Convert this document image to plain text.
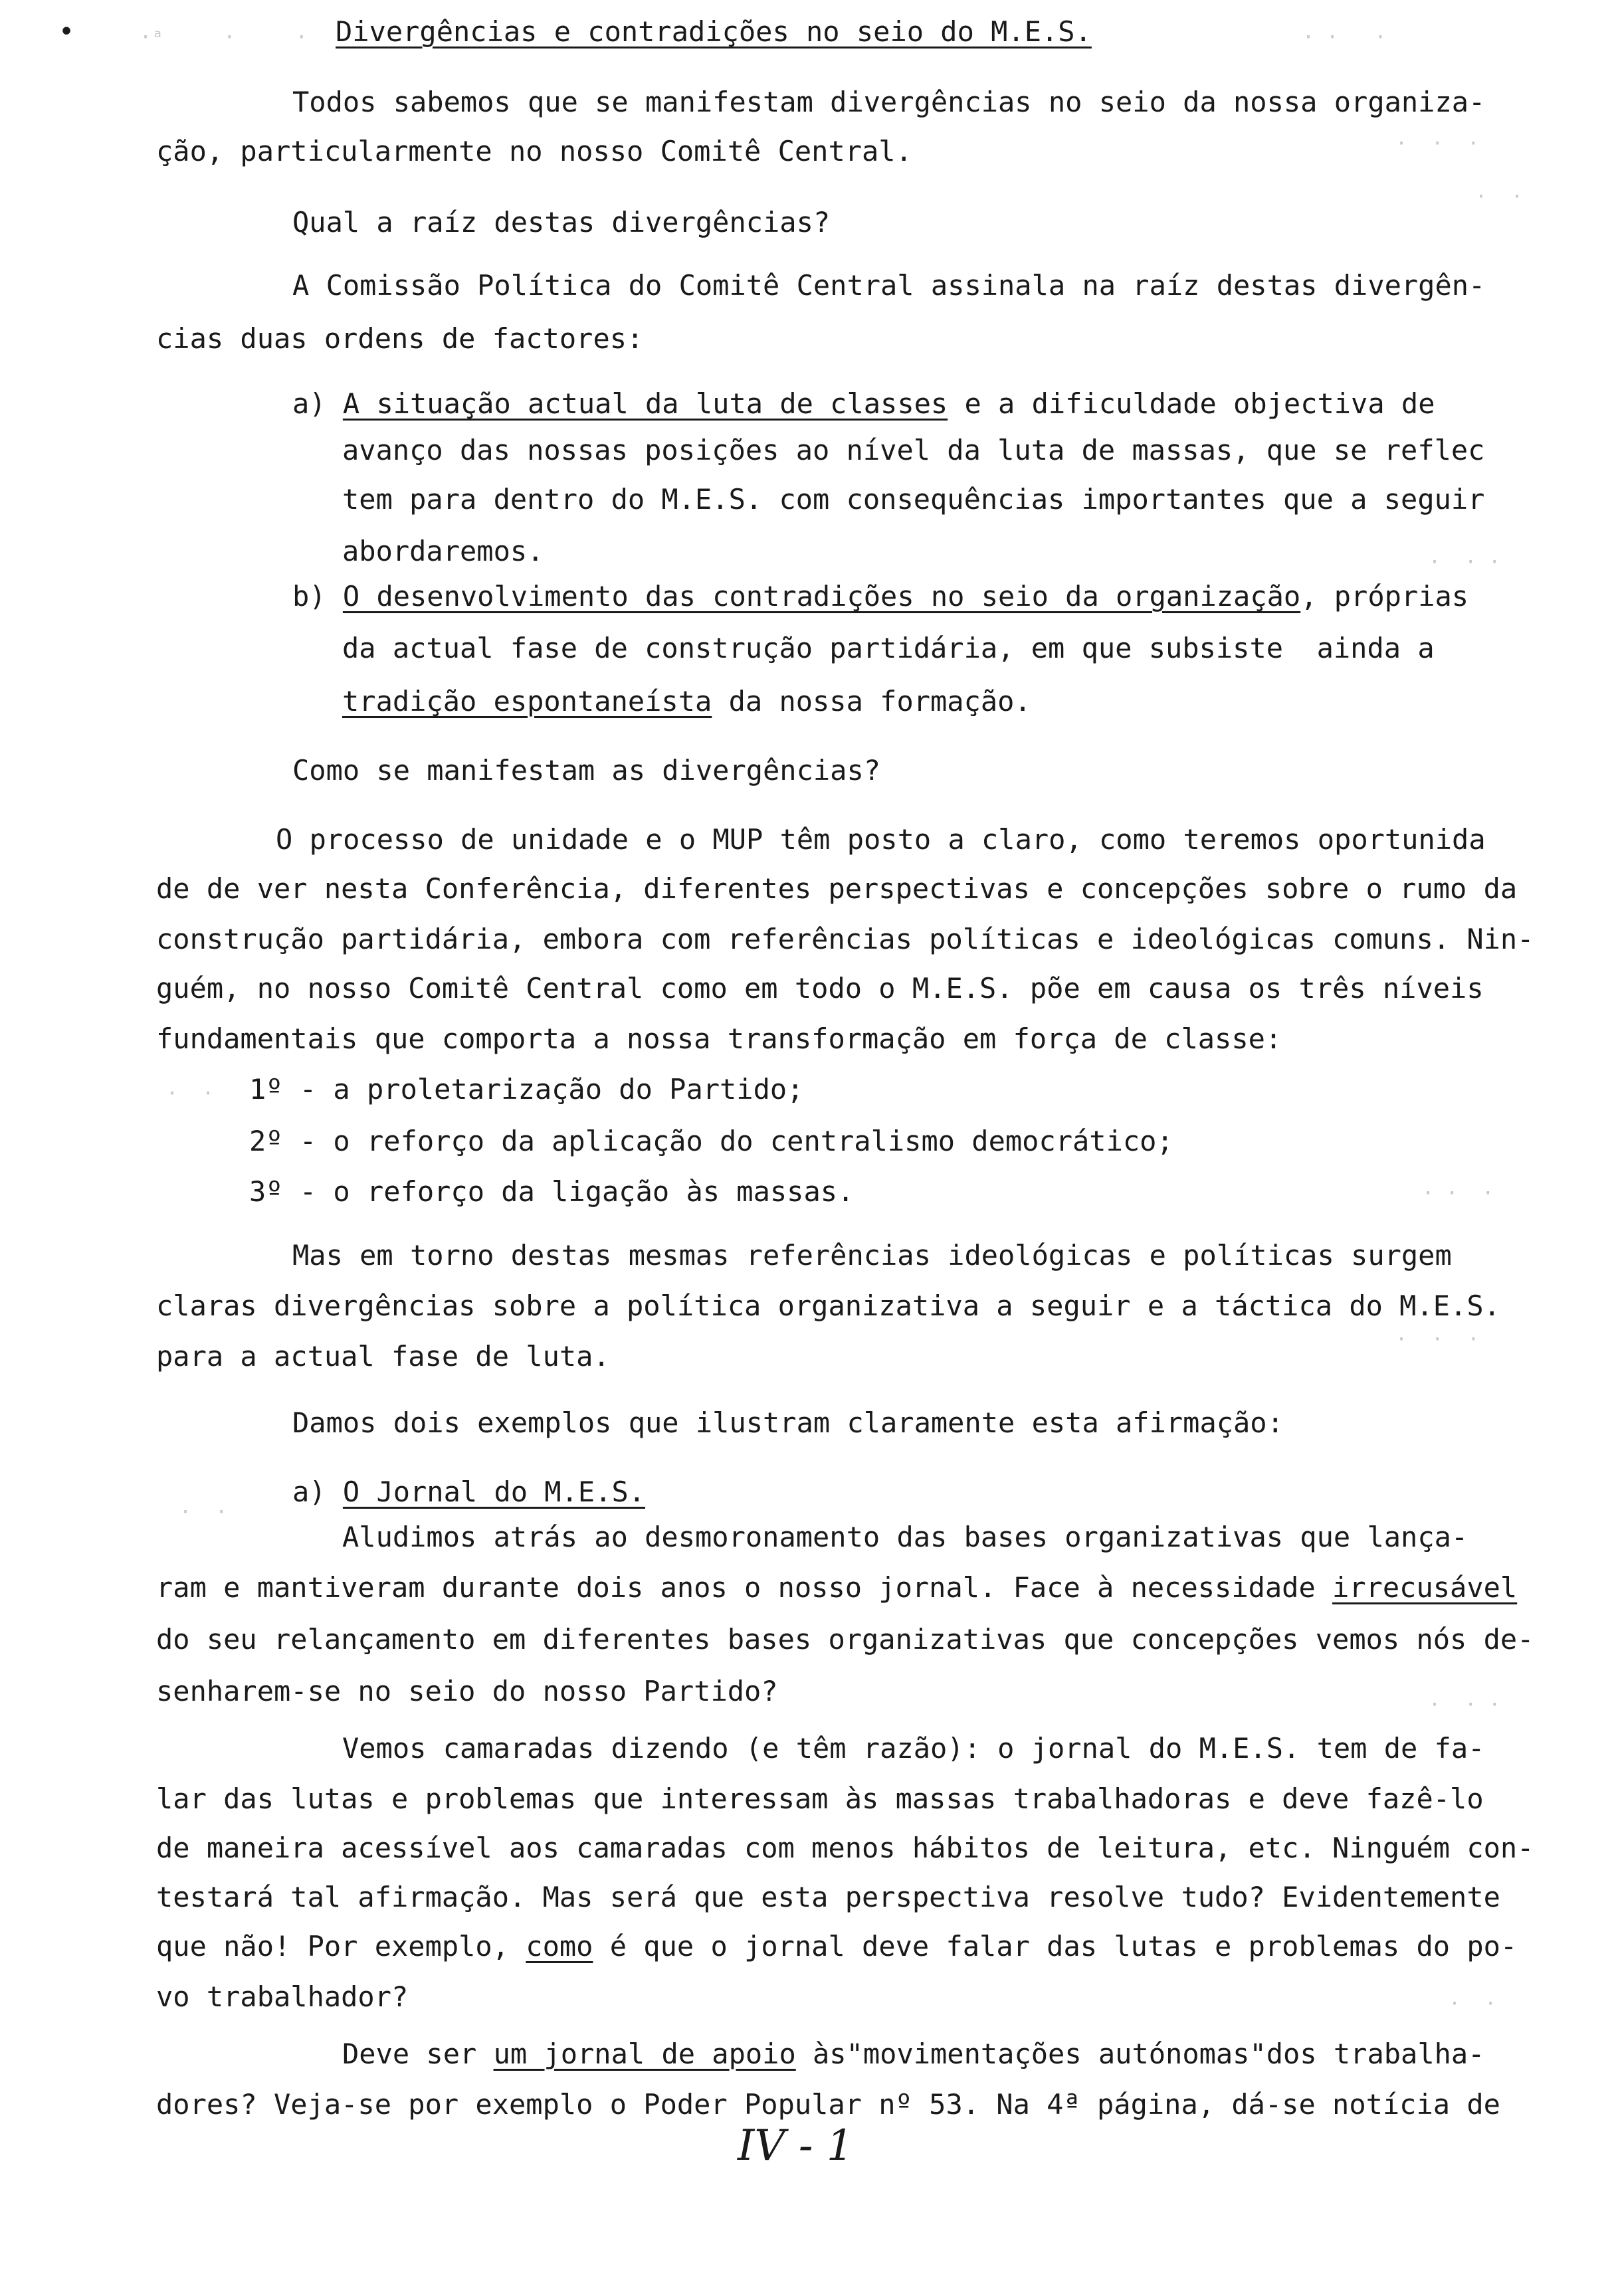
•	·ᵃ     ·     ·	· ·   ·
·  ·  ·
·  ·
·  · ·
·  ·
· ·  ·
·  ·  ·
·  ·
·  · ·
·  ·
Divergências e contradições no seio do M.E.S.
Todos sabemos que se manifestam divergências no seio da nossa organiza-
ção, particularmente no nosso Comitê Central.
Qual a raíz destas divergências?
A Comissão Política do Comitê Central assinala na raíz destas divergên-
cias duas ordens de factores:
a) A situação actual da luta de classes e a dificuldade objectiva de
avanço das nossas posições ao nível da luta de massas, que se reflec
tem para dentro do M.E.S. com consequências importantes que a seguir
abordaremos.
b) O desenvolvimento das contradições no seio da organização, próprias
da actual fase de construção partidária, em que subsiste  ainda a
tradição espontaneísta da nossa formação.
Como se manifestam as divergências?
O processo de unidade e o MUP têm posto a claro, como teremos oportunida
de de ver nesta Conferência, diferentes perspectivas e concepções sobre o rumo da
construção partidária, embora com referências políticas e ideológicas comuns. Nin-
guém, no nosso Comitê Central como em todo o M.E.S. põe em causa os três níveis
fundamentais que comporta a nossa transformação em força de classe:
1º - a proletarização do Partido;
2º - o reforço da aplicação do centralismo democrático;
3º - o reforço da ligação às massas.
Mas em torno destas mesmas referências ideológicas e políticas surgem
claras divergências sobre a política organizativa a seguir e a táctica do M.E.S.
para a actual fase de luta.
Damos dois exemplos que ilustram claramente esta afirmação:
a) O Jornal do M.E.S.
Aludimos atrás ao desmoronamento das bases organizativas que lança-
ram e mantiveram durante dois anos o nosso jornal. Face à necessidade irrecusável
do seu relançamento em diferentes bases organizativas que concepções vemos nós de-
senharem-se no seio do nosso Partido?
Vemos camaradas dizendo (e têm razão): o jornal do M.E.S. tem de fa-
lar das lutas e problemas que interessam às massas trabalhadoras e deve fazê-lo
de maneira acessível aos camaradas com menos hábitos de leitura, etc. Ninguém con-
testará tal afirmação. Mas será que esta perspectiva resolve tudo? Evidentemente
que não! Por exemplo, como é que o jornal deve falar das lutas e problemas do po-
vo trabalhador?
Deve ser um jornal de apoio às"movimentações autónomas"dos trabalha-
dores? Veja-se por exemplo o Poder Popular nº 53. Na 4ª página, dá-se notícia de
IV - 1
